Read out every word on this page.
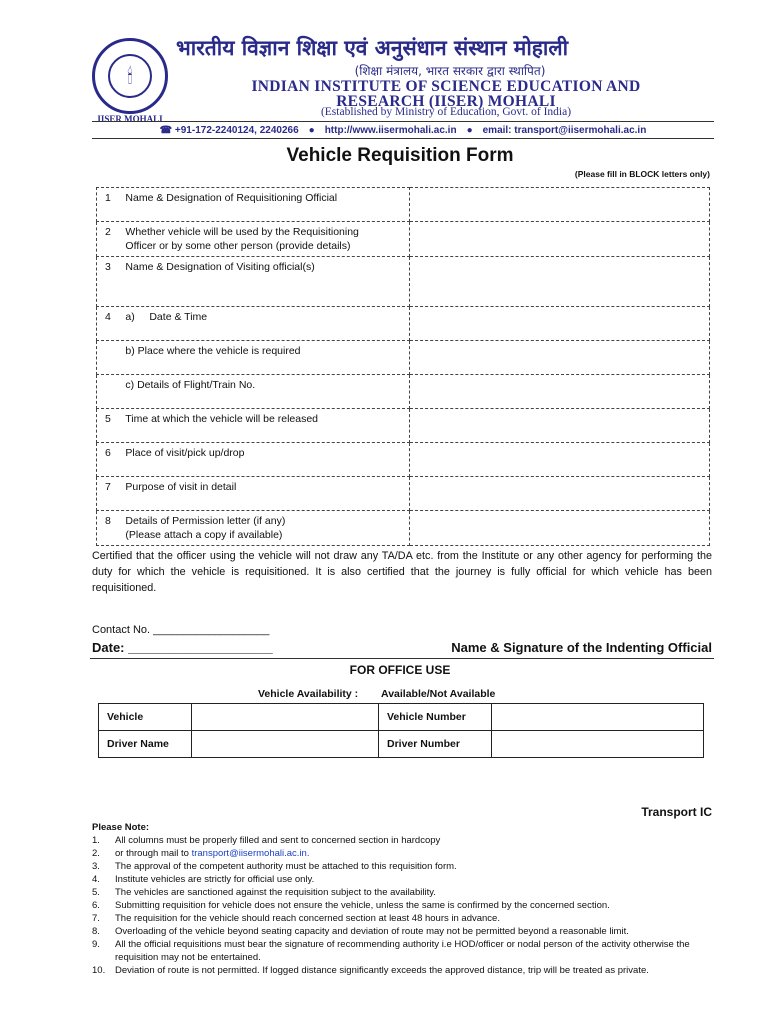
🕯
IISER MOHALI
भारतीय विज्ञान शिक्षा एवं अनुसंधान संस्थान मोहाली
(शिक्षा मंत्रालय, भारत सरकार द्वारा स्थापित)
INDIAN INSTITUTE OF SCIENCE EDUCATION AND
RESEARCH (IISER) MOHALI
(Established by Ministry of Education, Govt. of India)
☎ +91-172-2240124, 2240266 ● http://www.iisermohali.ac.in ● email: transport@iisermohali.ac.in
Vehicle Requisition Form
(Please fill in BLOCK letters only)
1     Name & Designation of Requisitioning Official	

2     Whether vehicle will be used by the Requisitioning
Officer or by some other person (provide details)	

3     Name & Designation of Visiting official(s)	
4     a)     Date & Time	
b) Place where the vehicle is required	
c) Details of Flight/Train No.	
5     Time at which the vehicle will be released	
6     Place of visit/pick up/drop	
7     Purpose of visit in detail	

8     Details of Permission letter (if any)
(Please attach a copy if available)	

Certified that the officer using the vehicle will not draw any TA/DA etc. from the Institute or any other agency for performing the duty for which the vehicle is requisitioned. It is also certified that the journey is fully official for which vehicle has been requisitioned.
Contact No. ___________________
Date: ____________________	Name & Signature of the Indenting Official
FOR OFFICE USE
Vehicle Availability : Available/Not Available
Vehicle		Vehicle Number	
Driver Name		Driver Number	
Transport IC
Please Note:
1.	All columns must be properly filled and sent to concerned section in hardcopy
2.	or through mail to transport@iisermohali.ac.in.
3.	The approval of the competent authority must be attached to this requisition form.
4.	Institute vehicles are strictly for official use only.
5.	The vehicles are sanctioned against the requisition subject to the availability.
6.	Submitting requisition for vehicle does not ensure the vehicle, unless the same is confirmed by the concerned section.
7.	The requisition for the vehicle should reach concerned section at least 48 hours in advance.
8.	Overloading of the vehicle beyond seating capacity and deviation of route may not be permitted beyond a reasonable limit.
9.	All the official requisitions must bear the signature of recommending authority i.e HOD/officer or nodal person of the activity otherwise the requisition may not be entertained.
10.	Deviation of route is not permitted. If logged distance significantly exceeds the approved distance, trip will be treated as private.
